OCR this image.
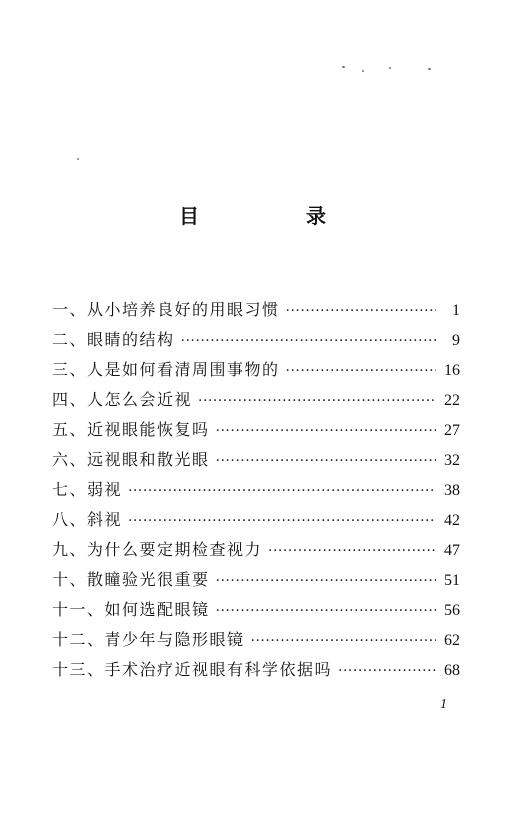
目 录
一、从小培养良好的用眼习惯 ·····	1
二、眼睛的结构 ·····	9
三、人是如何看清周围事物的 ·····	16
四、人怎么会近视 ·····	22
五、近视眼能恢复吗 ·····	27
六、远视眼和散光眼 ·····	32
七、弱视 ·····	38
八、斜视 ·····	42
九、为什么要定期检查视力 ·····	47
十、散瞳验光很重要 ·····	51
十一、如何选配眼镜 ·····	56
十二、青少年与隐形眼镜 ·····	62
十三、手术治疗近视眼有科学依据吗 ·····	68
1
